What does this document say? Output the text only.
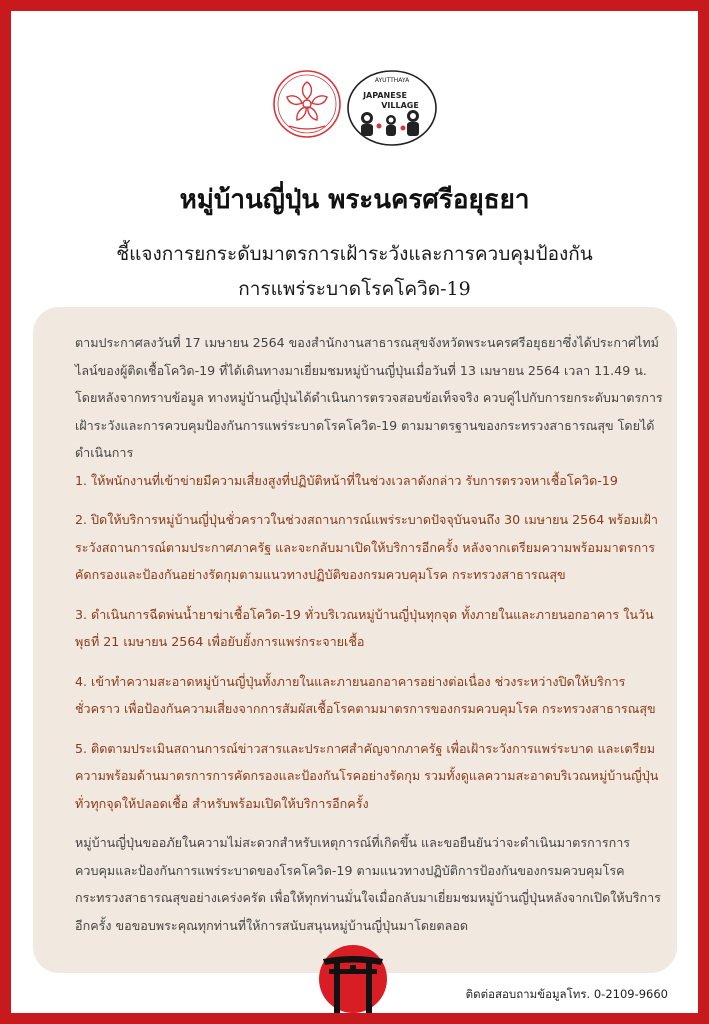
AYUTTHAYA
JAPANESE
VILLAGE
หมู่บ้านญี่ปุ่น พระนครศรีอยุธยา
ชี้แจงการยกระดับมาตรการเฝ้าระวังและการควบคุมป้องกัน
การแพร่ระบาดโรคโควิด-19
ติดต่อสอบถามข้อมูลโทร. 0-2109-9660

ตามประกาศลงวันที่ 17 เมษายน 2564 ของสำนักงานสาธารณสุขจังหวัดพระนครศรีอยุธยาซึ่งได้ประกาศไทม์ไลน์ของผู้ติดเชื้อโควิด-19 ที่ได้เดินทางมาเยี่ยมชมหมู่บ้านญี่ปุ่นเมื่อวันที่ 13 เมษายน 2564 เวลา 11.49 น. โดยหลังจากทราบข้อมูล ทางหมู่บ้านญี่ปุ่นได้ดำเนินการตรวจสอบข้อเท็จจริง ควบคู่ไปกับการยกระดับมาตรการเฝ้าระวังและการควบคุมป้องกันการแพร่ระบาดโรคโควิด-19 ตามมาตรฐานของกระทรวงสาธารณสุข โดยได้ดำเนินการ

1. ให้พนักงานที่เข้าข่ายมีความเสี่ยงสูงที่ปฏิบัติหน้าที่ในช่วงเวลาดังกล่าว รับการตรวจหาเชื้อโควิด-19

2. ปิดให้บริการหมู่บ้านญี่ปุ่นชั่วคราวในช่วงสถานการณ์แพร่ระบาดปัจจุบันจนถึง 30 เมษายน 2564 พร้อมเฝ้าระวังสถานการณ์ตามประกาศภาครัฐ และจะกลับมาเปิดให้บริการอีกครั้ง หลังจากเตรียมความพร้อมมาตรการคัดกรองและป้องกันอย่างรัดกุมตามแนวทางปฏิบัติของกรมควบคุมโรค กระทรวงสาธารณสุข

3. ดำเนินการฉีดพ่นน้ำยาฆ่าเชื้อโควิด-19 ทั่วบริเวณหมู่บ้านญี่ปุ่นทุกจุด ทั้งภายในและภายนอกอาคาร ในวันพุธที่ 21 เมษายน 2564 เพื่อยับยั้งการแพร่กระจายเชื้อ

4. เข้าทำความสะอาดหมู่บ้านญี่ปุ่นทั้งภายในและภายนอกอาคารอย่างต่อเนื่อง ช่วงระหว่างปิดให้บริการชั่วคราว เพื่อป้องกันความเสี่ยงจากการสัมผัสเชื้อโรคตามมาตรการของกรมควบคุมโรค กระทรวงสาธารณสุข

5. ติดตามประเมินสถานการณ์ข่าวสารและประกาศสำคัญจากภาครัฐ เพื่อเฝ้าระวังการแพร่ระบาด และเตรียมความพร้อมด้านมาตรการการคัดกรองและป้องกันโรคอย่างรัดกุม รวมทั้งดูแลความสะอาดบริเวณหมู่บ้านญี่ปุ่นทั่วทุกจุดให้ปลอดเชื้อ สำหรับพร้อมเปิดให้บริการอีกครั้ง

หมู่บ้านญี่ปุ่นขออภัยในความไม่สะดวกสำหรับเหตุการณ์ที่เกิดขึ้น และขอยืนยันว่าจะดำเนินมาตรการการควบคุมและป้องกันการแพร่ระบาดของโรคโควิด-19 ตามแนวทางปฏิบัติการป้องกันของกรมควบคุมโรค กระทรวงสาธารณสุขอย่างเคร่งครัด เพื่อให้ทุกท่านมั่นใจเมื่อกลับมาเยี่ยมชมหมู่บ้านญี่ปุ่นหลังจากเปิดให้บริการอีกครั้ง ขอขอบพระคุณทุกท่านที่ให้การสนับสนุนหมู่บ้านญี่ปุ่นมาโดยตลอด
